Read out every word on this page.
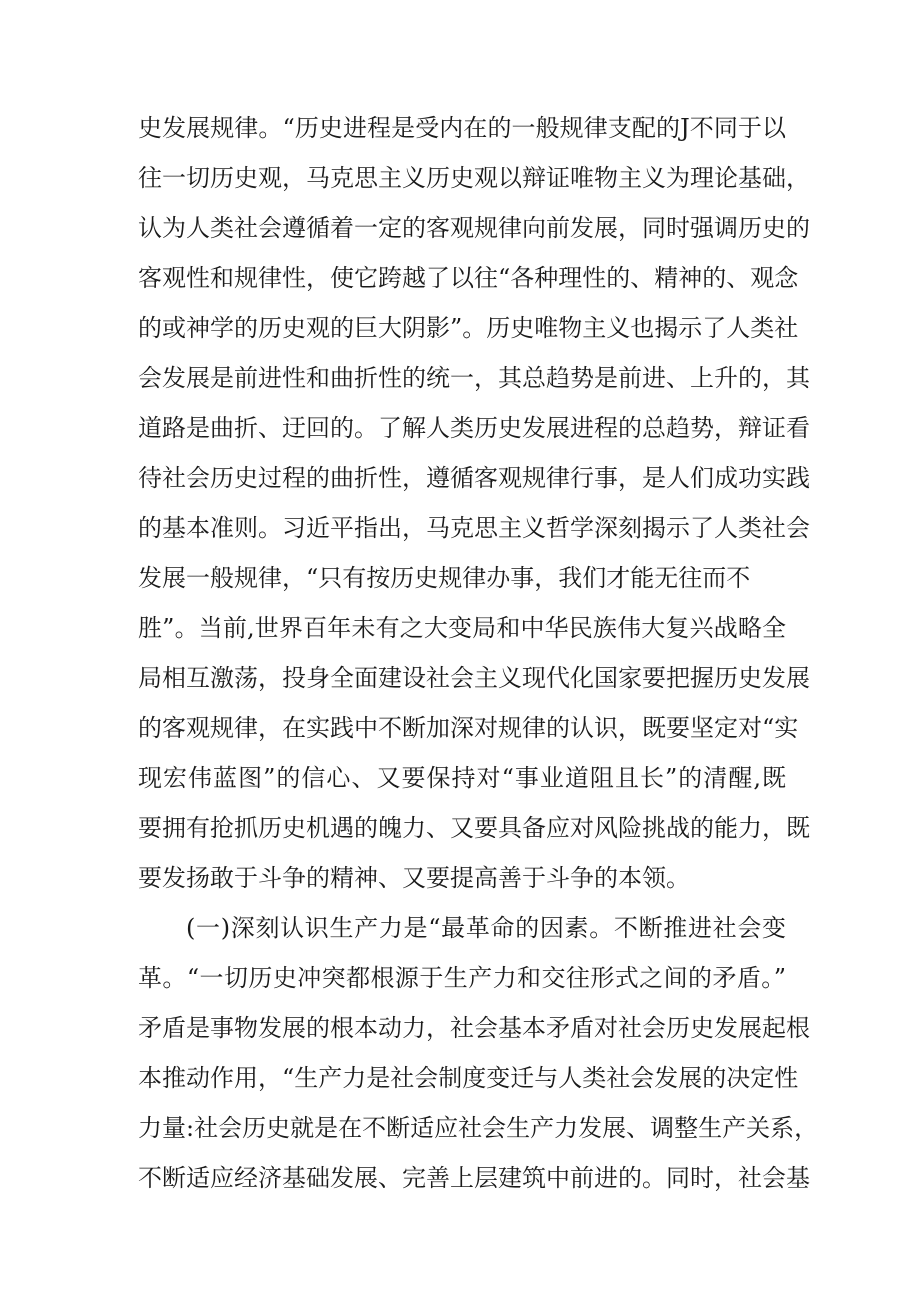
史发展规律。“历史进程是受内在的一般规律支配的J不同于以
往一切历史观，马克思主义历史观以辩证唯物主义为理论基础，
认为人类社会遵循着一定的客观规律向前发展，同时强调历史的
客观性和规律性，使它跨越了以往“各种理性的、精神的、观念
的或神学的历史观的巨大阴影”。历史唯物主义也揭示了人类社
会发展是前进性和曲折性的统一，其总趋势是前进、上升的，其
道路是曲折、迂回的。了解人类历史发展进程的总趋势，辩证看
待社会历史过程的曲折性，遵循客观规律行事，是人们成功实践
的基本准则。习近平指出，马克思主义哲学深刻揭示了人类社会
发展一般规律，“只有按历史规律办事，我们才能无往而不
胜”。当前,世界百年未有之大变局和中华民族伟大复兴战略全
局相互激荡，投身全面建设社会主义现代化国家要把握历史发展
的客观规律，在实践中不断加深对规律的认识，既要坚定对“实
现宏伟蓝图”的信心、又要保持对“事业道阻且长”的清醒,既
要拥有抢抓历史机遇的魄力、又要具备应对风险挑战的能力，既
要发扬敢于斗争的精神、又要提高善于斗争的本领。
(一)深刻认识生产力是“最革命的因素。不断推进社会变
革。“一切历史冲突都根源于生产力和交往形式之间的矛盾。”
矛盾是事物发展的根本动力，社会基本矛盾对社会历史发展起根
本推动作用，“生产力是社会制度变迁与人类社会发展的决定性
力量:社会历史就是在不断适应社会生产力发展、调整生产关系，
不断适应经济基础发展、完善上层建筑中前进的。同时，社会基
